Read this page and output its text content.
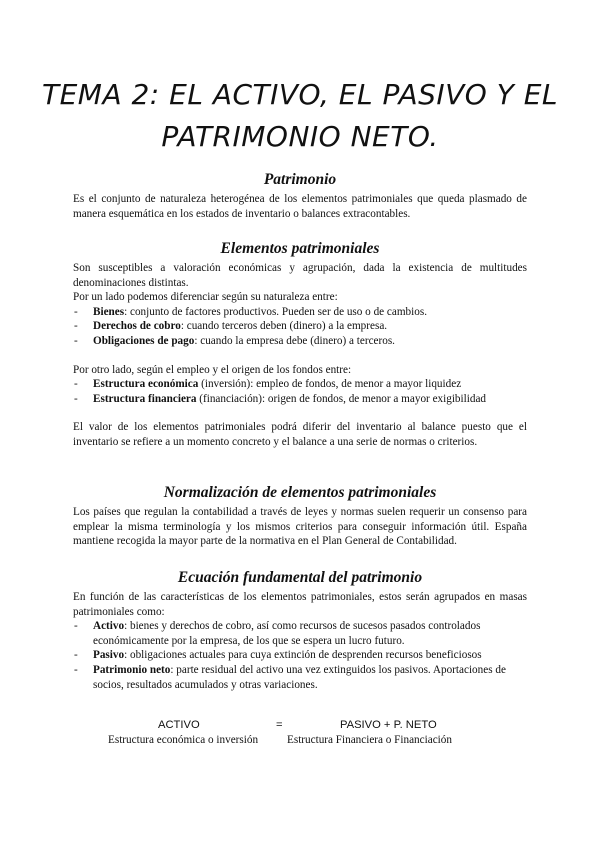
TEMA 2: EL ACTIVO, EL PASIVO Y EL
PATRIMONIO NETO.
Patrimonio
Es el conjunto de naturaleza heterogénea de los elementos patrimoniales que queda plasmado de manera esquemática en los estados de inventario o balances extracontables.
Elementos patrimoniales
Son susceptibles a valoración económicas y agrupación, dada la existencia de multitudes denominaciones distintas.
Por un lado podemos diferenciar según su naturaleza entre:
- Bienes: conjunto de factores productivos. Pueden ser de uso o de cambios.
- Derechos de cobro: cuando terceros deben (dinero) a la empresa.
- Obligaciones de pago: cuando la empresa debe (dinero) a terceros.
Por otro lado, según el empleo y el origen de los fondos entre:
- Estructura económica (inversión): empleo de fondos, de menor a mayor liquidez
- Estructura financiera (financiación): origen de fondos, de menor a mayor exigibilidad
El valor de los elementos patrimoniales podrá diferir del inventario al balance puesto que el inventario se refiere a un momento concreto y el balance a una serie de normas o criterios.
Normalización de elementos patrimoniales
Los países que regulan la contabilidad a través de leyes y normas suelen requerir un consenso para emplear la misma terminología y los mismos criterios para conseguir información útil. España mantiene recogida la mayor parte de la normativa en el Plan General de Contabilidad.
Ecuación fundamental del patrimonio
En función de las características de los elementos patrimoniales, estos serán agrupados en masas patrimoniales como:
- Activo: bienes y derechos de cobro, así como recursos de sucesos pasados controlados económicamente por la empresa, de los que se espera un lucro futuro.
- Pasivo: obligaciones actuales para cuya extinción de desprenden recursos beneficiosos
- Patrimonio neto: parte residual del activo una vez extinguidos los pasivos. Aportaciones de socios, resultados acumulados y otras variaciones.
ACTIVO	=	PASIVO + P. NETO
Estructura económica o inversión	Estructura Financiera o Financiación
